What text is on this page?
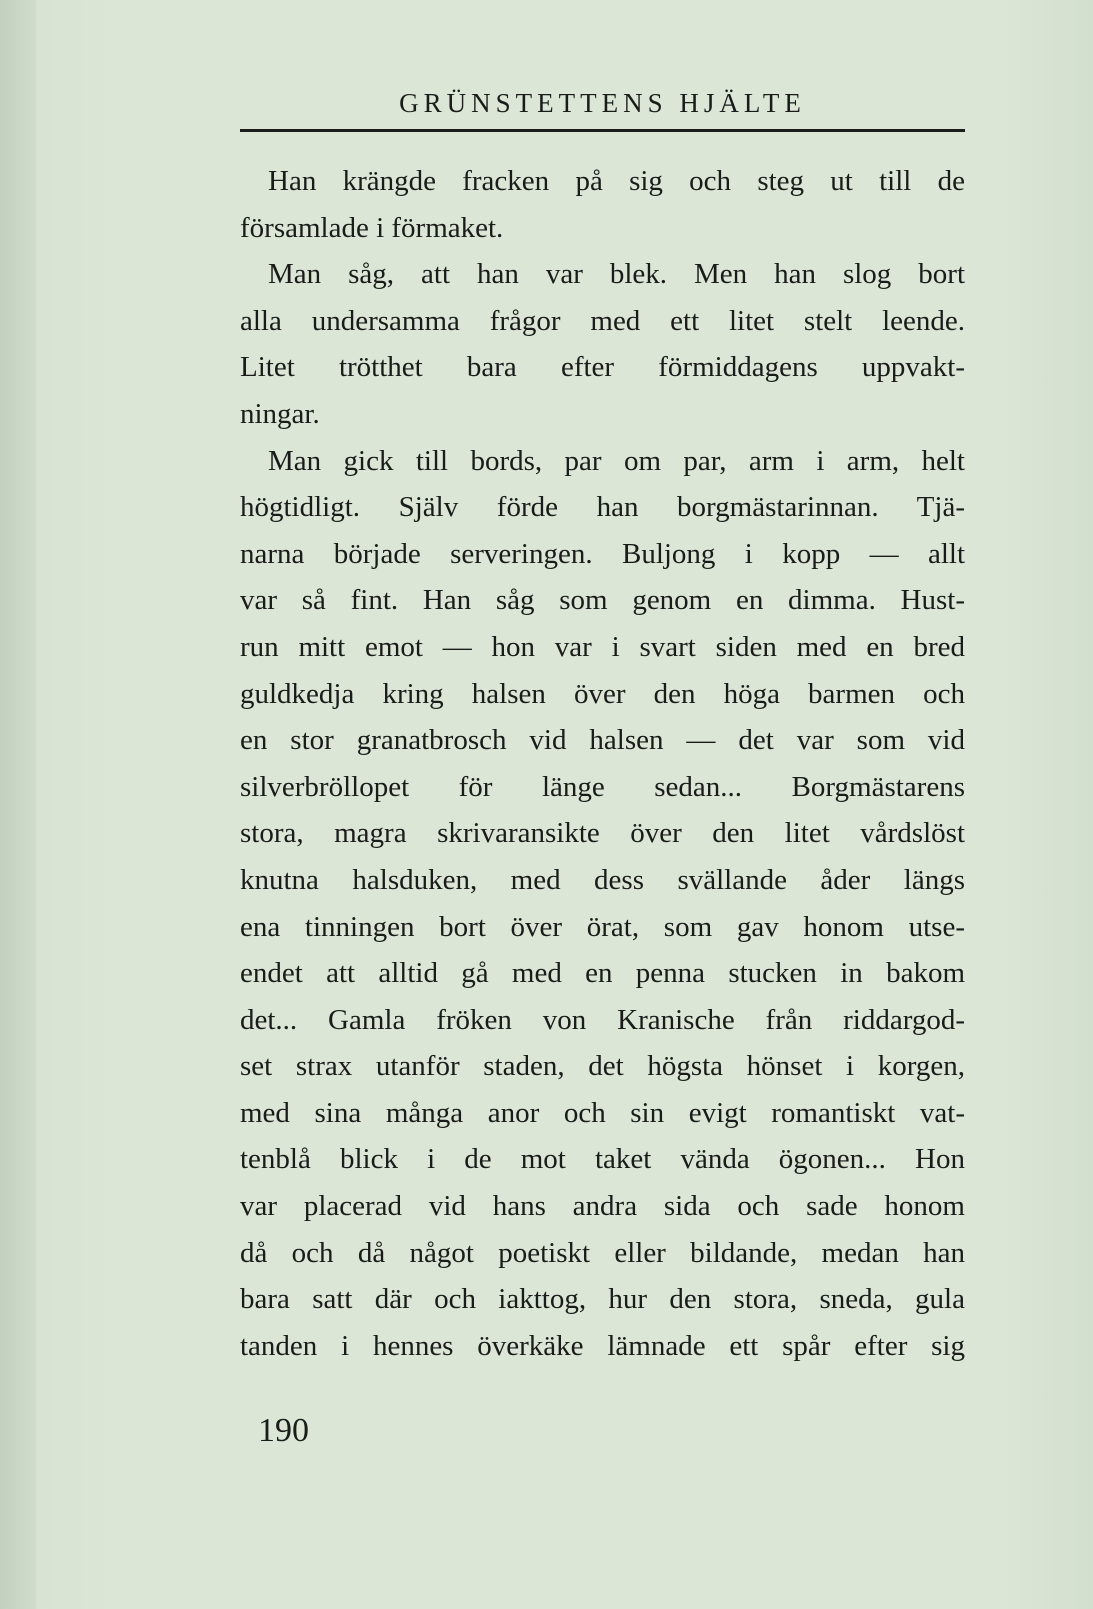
GRÜNSTETTENS HJÄLTE
Han krängde fracken på sig och steg ut till de
församlade i förmaket.
Man såg, att han var blek. Men han slog bort
alla undersamma frågor med ett litet stelt leende.
Litet trötthet bara efter förmiddagens uppvakt-
ningar.
Man gick till bords, par om par, arm i arm, helt
högtidligt. Själv förde han borgmästarinnan. Tjä-
narna började serveringen. Buljong i kopp — allt
var så fint. Han såg som genom en dimma. Hust-
run mitt emot — hon var i svart siden med en bred
guldkedja kring halsen över den höga barmen och
en stor granatbrosch vid halsen — det var som vid
silverbröllopet för länge sedan... Borgmästarens
stora, magra skrivaransikte över den litet vårdslöst
knutna halsduken, med dess svällande åder längs
ena tinningen bort över örat, som gav honom utse-
endet att alltid gå med en penna stucken in bakom
det... Gamla fröken von Kranische från riddargod-
set strax utanför staden, det högsta hönset i korgen,
med sina många anor och sin evigt romantiskt vat-
tenblå blick i de mot taket vända ögonen... Hon
var placerad vid hans andra sida och sade honom
då och då något poetiskt eller bildande, medan han
bara satt där och iakttog, hur den stora, sneda, gula
tanden i hennes överkäke lämnade ett spår efter sig
190
